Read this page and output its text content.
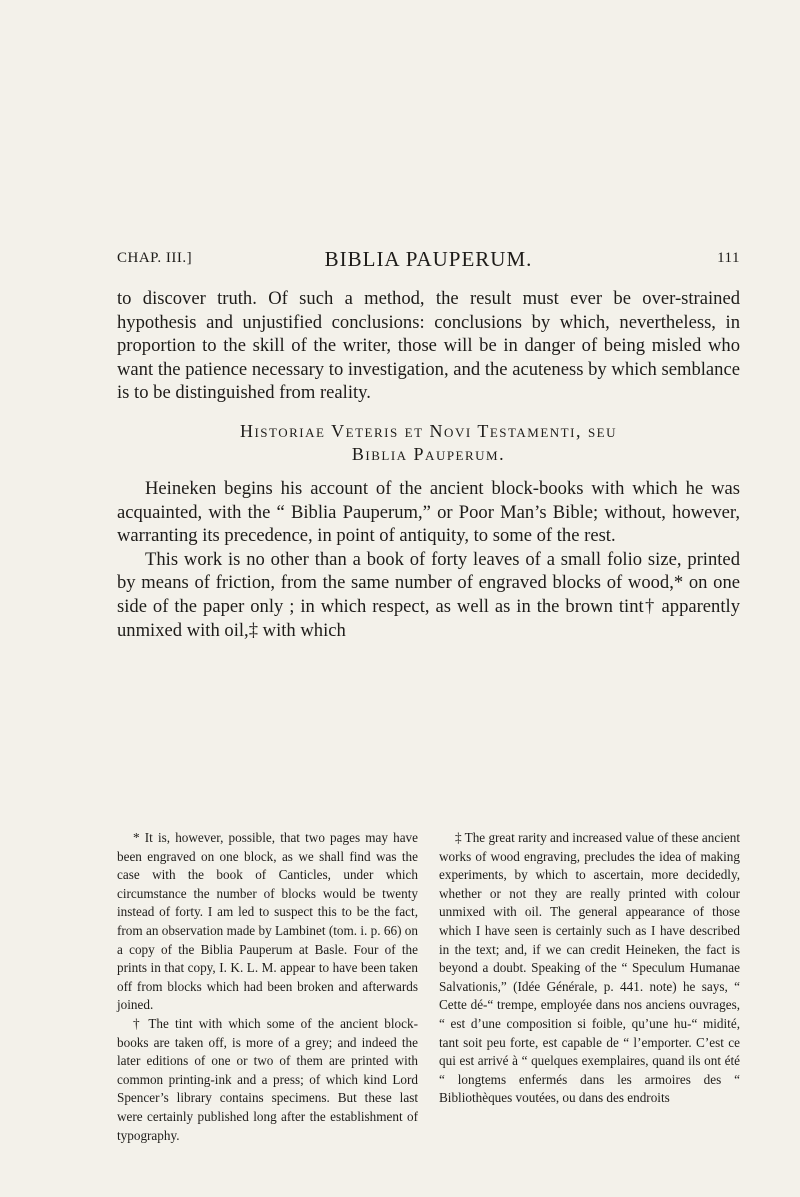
CHAP. III.]	BIBLIA PAUPERUM.	111

to discover truth. Of such a method, the result must ever be over-strained hypothesis and unjustified conclusions: conclusions by which, nevertheless, in proportion to the skill of the writer, those will be in danger of being misled who want the patience necessary to investigation, and the acuteness by which semblance is to be distinguished from reality.

Historiae Veteris et Novi Testamenti, seu
Biblia Pauperum.

Heineken begins his account of the ancient block-books with which he was acquainted, with the “ Biblia Pauperum,” or Poor Man’s Bible; without, however, warranting its precedence, in point of antiquity, to some of the rest.

This work is no other than a book of forty leaves of a small folio size, printed by means of friction, from the same number of engraved blocks of wood,* on one side of the paper only ; in which respect, as well as in the brown tint† apparently unmixed with oil,‡ with which

* It is, however, possible, that two pages may have been engraved on one block, as we shall find was the case with the book of Canticles, under which circumstance the number of blocks would be twenty instead of forty. I am led to suspect this to be the fact, from an observation made by Lambinet (tom. i. p. 66) on a copy of the Biblia Pauperum at Basle. Four of the prints in that copy, I. K. L. M. appear to have been taken off from blocks which had been broken and afterwards joined.

† The tint with which some of the ancient block-books are taken off, is more of a grey; and indeed the later editions of one or two of them are printed with common printing-ink and a press; of which kind Lord Spencer’s library contains specimens. But these last were certainly published long after the establishment of typography.

‡ The great rarity and increased value of these ancient works of wood engraving, precludes the idea of making experiments, by which to ascertain, more decidedly, whether or not they are really printed with colour unmixed with oil. The general appearance of those which I have seen is certainly such as I have described in the text; and, if we can credit Heineken, the fact is beyond a doubt. Speaking of the “ Speculum Humanae Salvationis,” (Idée Générale, p. 441. note) he says, “ Cette dé-“ trempe, employée dans nos anciens ouvrages, “ est d’une composition si foible, qu’une hu-“ midité, tant soit peu forte, est capable de “ l’emporter. C’est ce qui est arrivé à “ quelques exemplaires, quand ils ont été “ longtems enfermés dans les armoires des “ Bibliothèques voutées, ou dans des endroits
